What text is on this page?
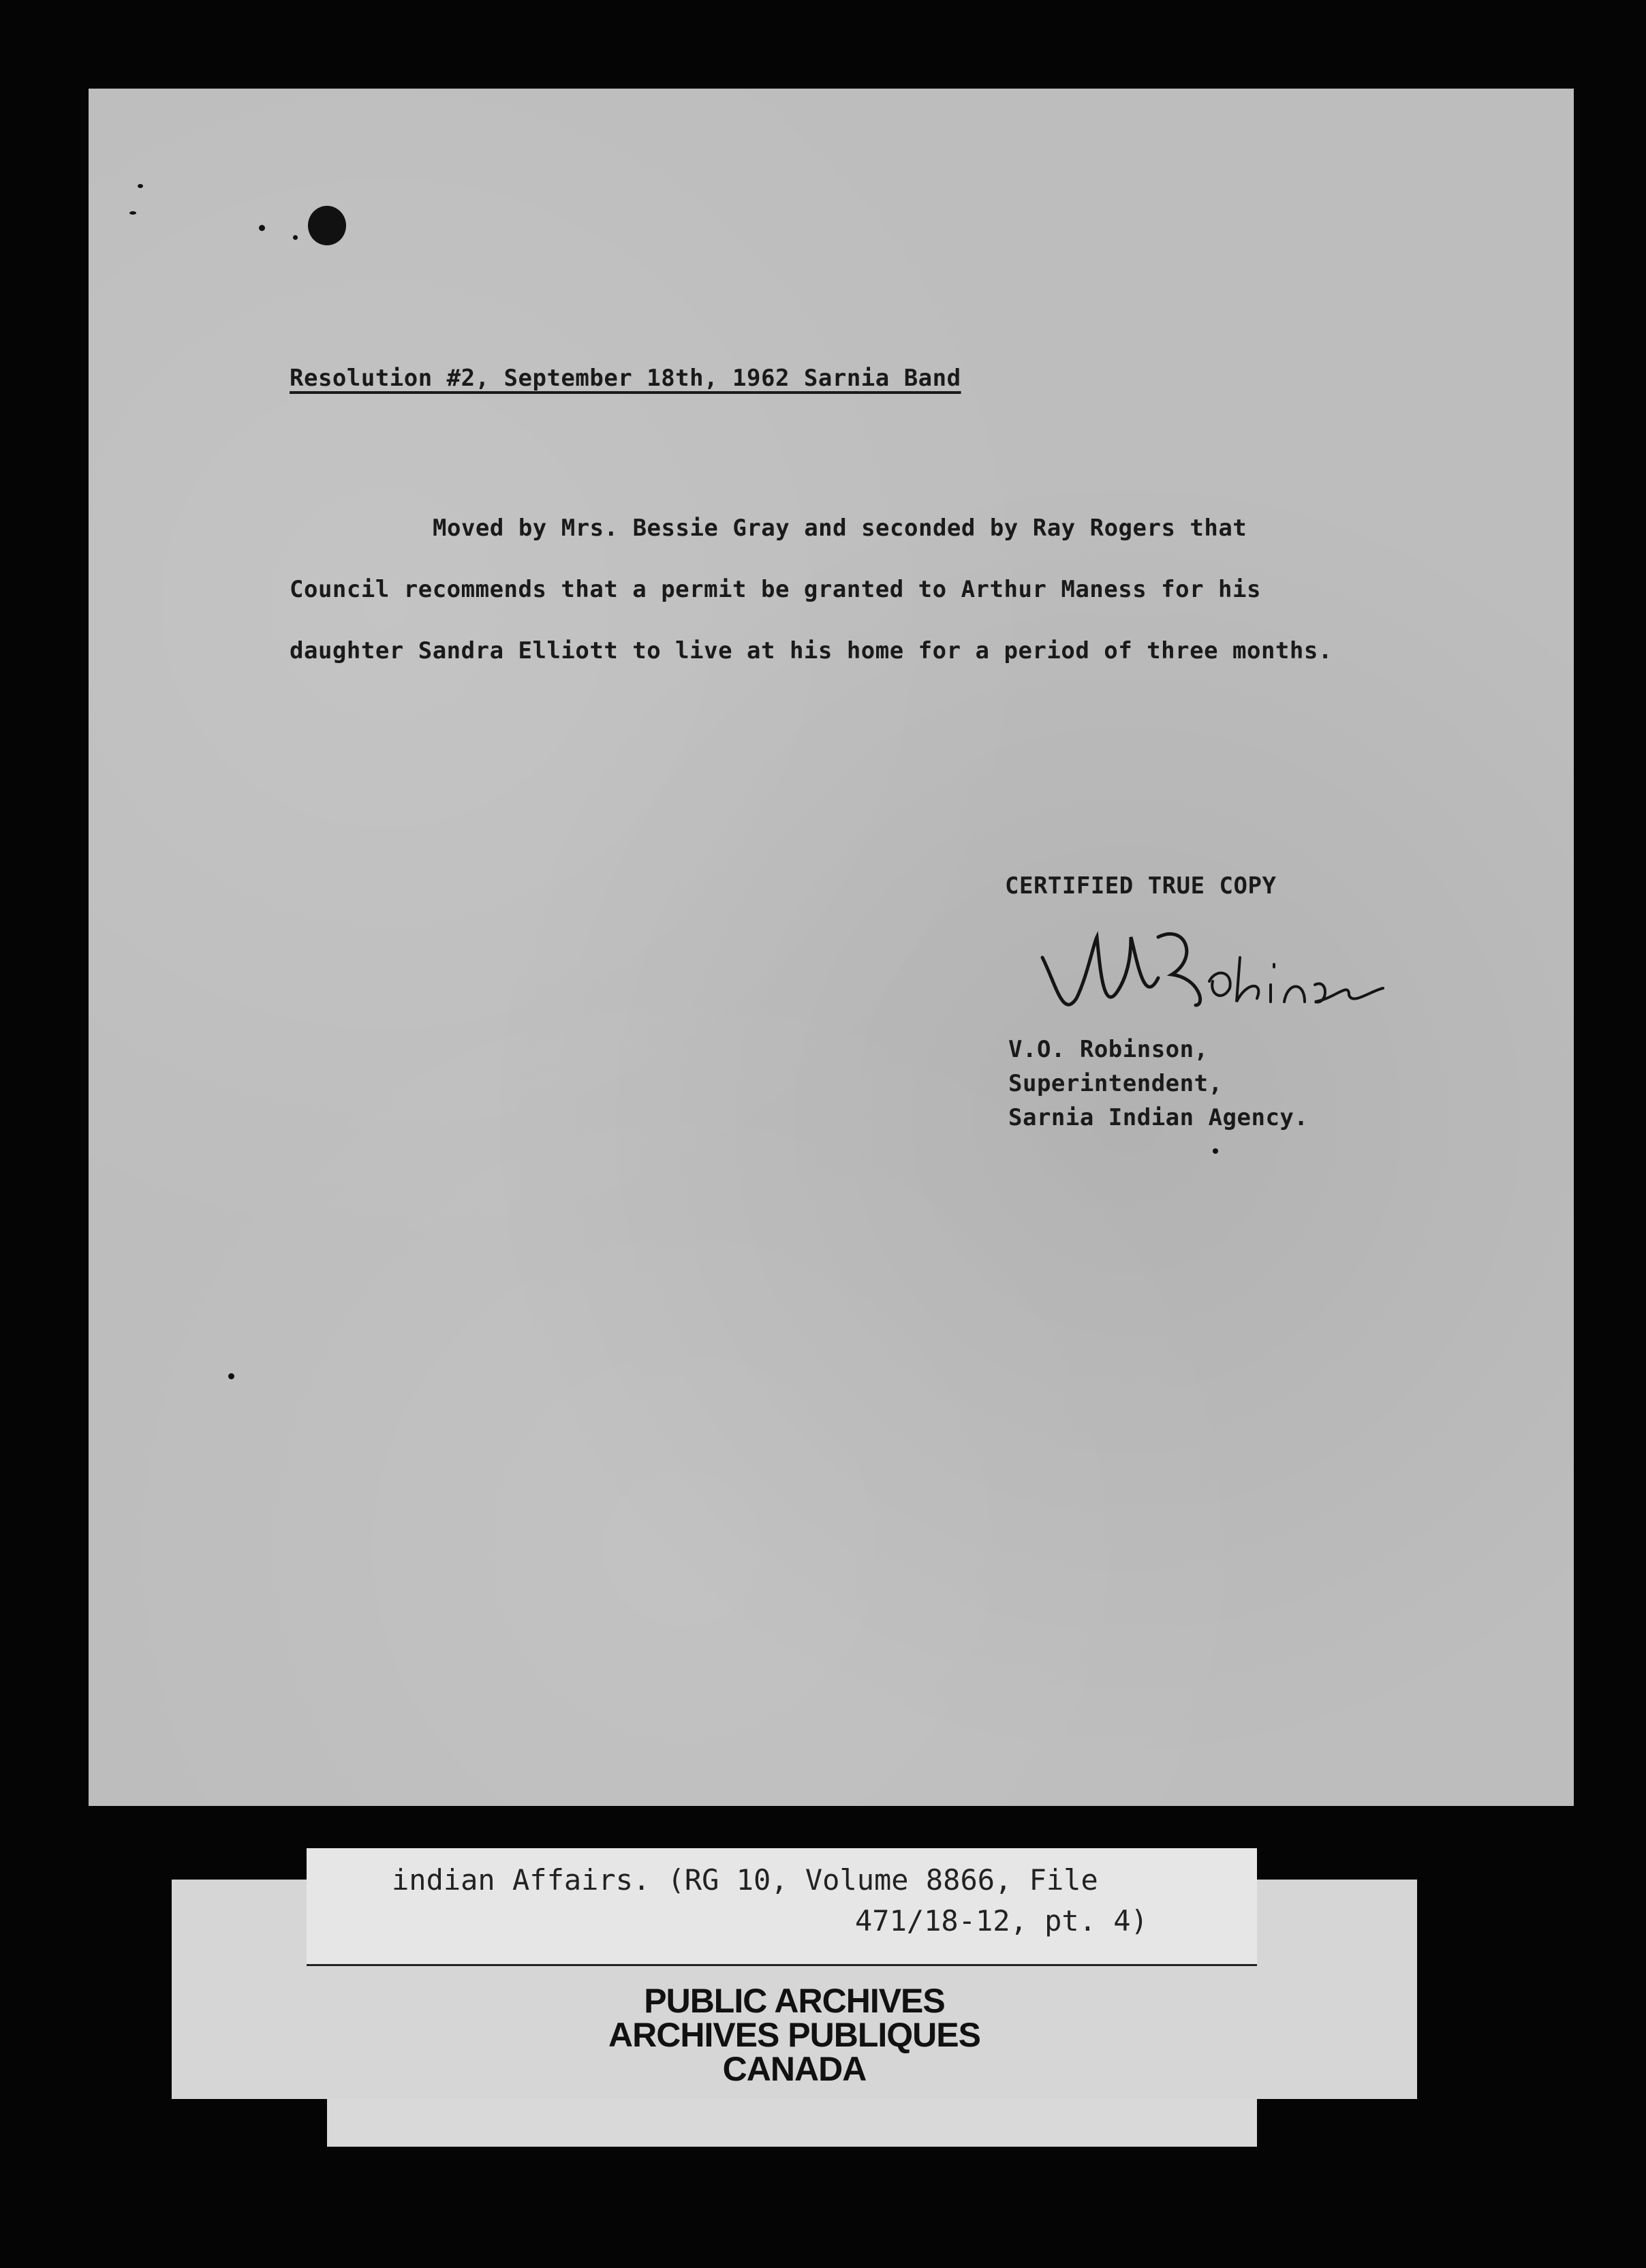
Resolution #2, September 18th, 1962 Sarnia Band
Moved by Mrs. Bessie Gray and seconded by Ray Rogers that
Council recommends that a permit be granted to Arthur Maness for his
daughter Sandra Elliott to live at his home for a period of three months.
CERTIFIED TRUE COPY
V.O. Robinson,
Superintendent,
Sarnia Indian Agency.
PUBLIC ARCHIVES
ARCHIVES PUBLIQUES
CANADA
indian Affairs. (RG 10, Volume 8866, File
471/18-12, pt. 4)
